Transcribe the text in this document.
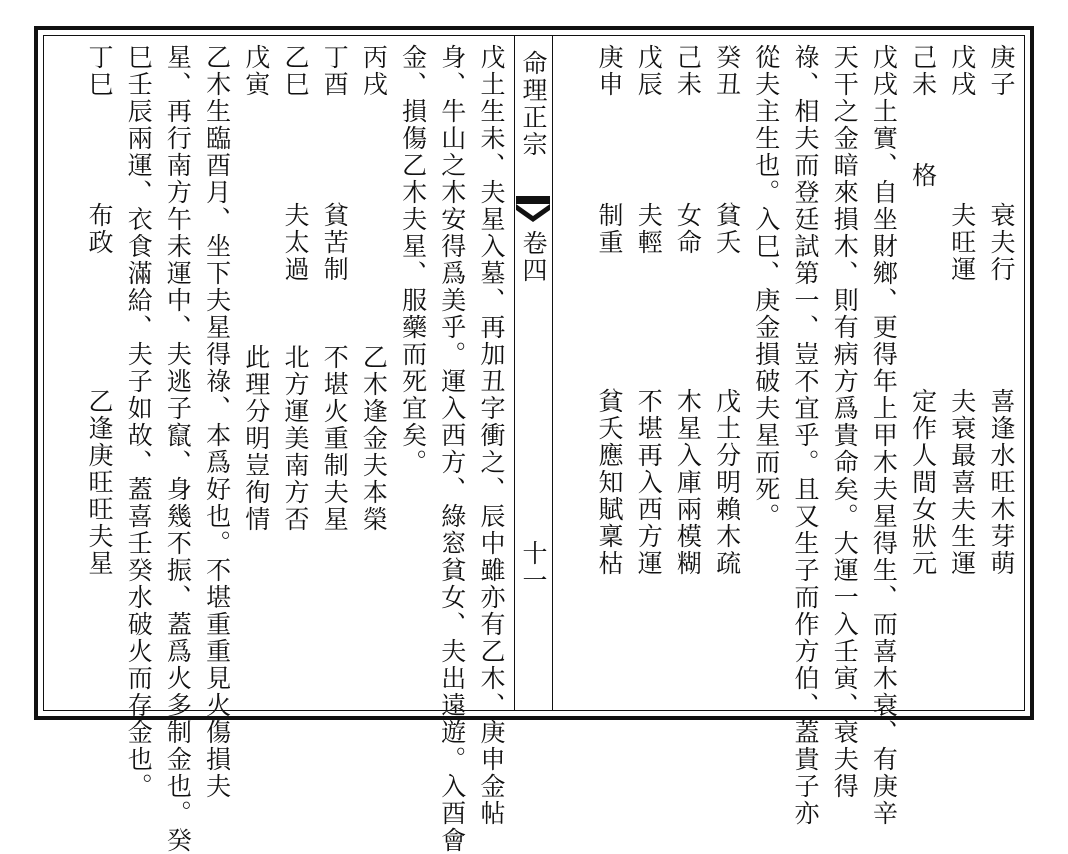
命理正宗
卷四
十一
庚子
衰夫行
喜逢水旺木芽萌
戊戌
夫旺運
夫衰最喜夫生運
己未
格
定作人間女狀元
戊戌土實、自坐財鄉、更得年上甲木夫星得生、而喜木衰、有庚辛
天干之金暗來損木、則有病方爲貴命矣。大運一入壬寅、衰夫得
祿、相夫而登廷試第一、豈不宜乎。且又生子而作方伯、蓋貴子亦
從夫主生也。入巳、庚金損破夫星而死。
癸丑
貧夭
戊土分明賴木疏
己未
女命
木星入庫兩模糊
戊辰
夫輕
不堪再入西方運
庚申
制重
貧夭應知賦稟枯
戊土生未、夫星入墓、再加丑字衝之、辰中雖亦有乙木、庚申金帖
身、牛山之木安得爲美乎。運入西方、綠窓貧女、夫出遠遊。入酉會
金、損傷乙木夫星、服藥而死宜矣。
丙戌
乙木逢金夫本榮
丁酉
貧苦制
不堪火重制夫星
乙巳
夫太過
北方運美南方否
戊寅
此理分明豈徇情
乙木生臨酉月、坐下夫星得祿、本爲好也。不堪重重見火傷損夫
星、再行南方午未運中、夫逃子竄、身幾不振、蓋爲火多制金也。癸
巳壬辰兩運、衣食滿給、夫子如故、蓋喜壬癸水破火而存金也。
丁巳
布政
乙逢庚旺旺夫星
